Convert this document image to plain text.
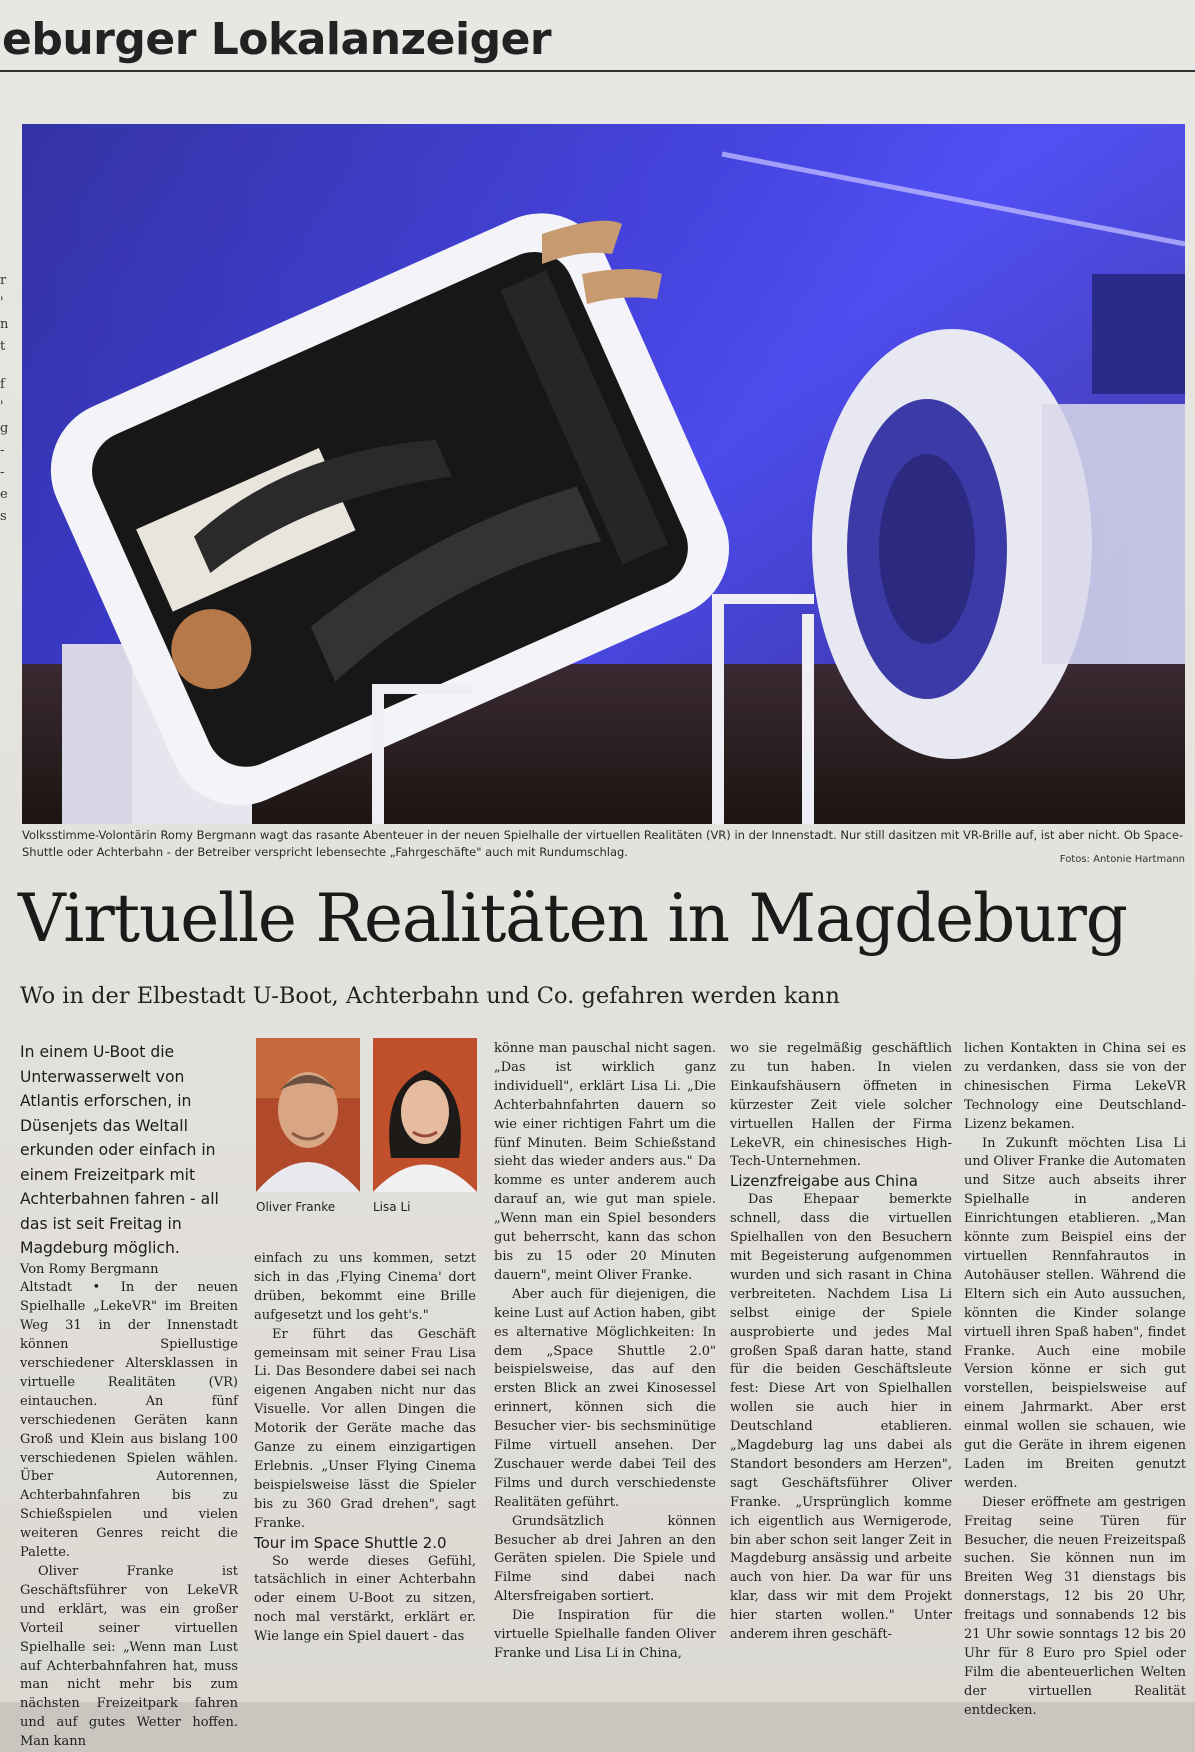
eburger Lokalanzeiger
r
'
n
t
f
'
g
-
-
e
s
Volksstimme-Volontärin Romy Bergmann wagt das rasante Abenteuer in der neuen Spielhalle der virtuellen Realitäten (VR) in der Innenstadt. Nur still dasitzen mit VR-Brille auf, ist aber nicht. Ob Space-Shuttle oder Achterbahn - der Betreiber verspricht lebensechte „Fahrgeschäfte" auch mit Rundumschlag.
Fotos: Antonie Hartmann
Virtuelle Realitäten in Magdeburg
Wo in der Elbestadt U-Boot, Achterbahn und Co. gefahren werden kann
Oliver Franke	Lisa Li

In einem U-Boot die Unterwasserwelt von Atlantis erforschen, in Düsenjets das Weltall erkunden oder einfach in einem Freizeitpark mit Achterbahnen fahren - all das ist seit Freitag in Magdeburg möglich.

Von Romy Bergmann

Altstadt • In der neuen Spielhalle „LekeVR" im Breiten Weg 31 in der Innenstadt können Spiellustige verschiedener Altersklassen in virtuelle Realitäten (VR) eintauchen. An fünf verschiedenen Geräten kann Groß und Klein aus bislang 100 verschiedenen Spielen wählen. Über Autorennen, Achterbahnfahren bis zu Schießspielen und vielen weiteren Genres reicht die Palette.

Oliver Franke ist Geschäftsführer von LekeVR und erklärt, was ein großer Vorteil seiner virtuellen Spielhalle sei: „Wenn man Lust auf Achterbahnfahren hat, muss man nicht mehr bis zum nächsten Freizeitpark fahren und auf gutes Wetter hoffen. Man kann

einfach zu uns kommen, setzt sich in das ‚Flying Cinema' dort drüben, bekommt eine Brille aufgesetzt und los geht's."

Er führt das Geschäft gemeinsam mit seiner Frau Lisa Li. Das Besondere dabei sei nach eigenen Angaben nicht nur das Visuelle. Vor allen Dingen die Motorik der Geräte mache das Ganze zu einem einzigartigen Erlebnis. „Unser Flying Cinema beispielsweise lässt die Spieler bis zu 360 Grad drehen", sagt Franke.

Tour im Space Shuttle 2.0

So werde dieses Gefühl, tatsächlich in einer Achterbahn oder einem U-Boot zu sitzen, noch mal verstärkt, erklärt er. Wie lange ein Spiel dauert - das

könne man pauschal nicht sagen. „Das ist wirklich ganz individuell", erklärt Lisa Li. „Die Achterbahnfahrten dauern so wie einer richtigen Fahrt um die fünf Minuten. Beim Schießstand sieht das wieder anders aus." Da komme es unter anderem auch darauf an, wie gut man spiele. „Wenn man ein Spiel besonders gut beherrscht, kann das schon bis zu 15 oder 20 Minuten dauern", meint Oliver Franke.

Aber auch für diejenigen, die keine Lust auf Action haben, gibt es alternative Möglichkeiten: In dem „Space Shuttle 2.0" beispielsweise, das auf den ersten Blick an zwei Kinosessel erinnert, können sich die Besucher vier- bis sechsminütige Filme virtuell ansehen. Der Zuschauer werde dabei Teil des Films und durch verschiedenste Realitäten geführt.

Grundsätzlich können Besucher ab drei Jahren an den Geräten spielen. Die Spiele und Filme sind dabei nach Altersfreigaben sortiert.

Die Inspiration für die virtuelle Spielhalle fanden Oliver Franke und Lisa Li in China,

wo sie regelmäßig geschäftlich zu tun haben. In vielen Einkaufshäusern öffneten in kürzester Zeit viele solcher virtuellen Hallen der Firma LekeVR, ein chinesisches High-Tech-Unternehmen.

Lizenzfreigabe aus China

Das Ehepaar bemerkte schnell, dass die virtuellen Spielhallen von den Besuchern mit Begeisterung aufgenommen wurden und sich rasant in China verbreiteten. Nachdem Lisa Li selbst einige der Spiele ausprobierte und jedes Mal großen Spaß daran hatte, stand für die beiden Geschäftsleute fest: Diese Art von Spielhallen wollen sie auch hier in Deutschland etablieren. „Magdeburg lag uns dabei als Standort besonders am Herzen", sagt Geschäftsführer Oliver Franke. „Ursprünglich komme ich eigentlich aus Wernigerode, bin aber schon seit langer Zeit in Magdeburg ansässig und arbeite auch von hier. Da war für uns klar, dass wir mit dem Projekt hier starten wollen." Unter anderem ihren geschäft-

lichen Kontakten in China sei es zu verdanken, dass sie von der chinesischen Firma LekeVR Technology eine Deutschland-Lizenz bekamen.

In Zukunft möchten Lisa Li und Oliver Franke die Automaten und Sitze auch abseits ihrer Spielhalle in anderen Einrichtungen etablieren. „Man könnte zum Beispiel eins der virtuellen Rennfahrautos in Autohäuser stellen. Während die Eltern sich ein Auto aussuchen, könnten die Kinder solange virtuell ihren Spaß haben", findet Franke. Auch eine mobile Version könne er sich gut vorstellen, beispielsweise auf einem Jahrmarkt. Aber erst einmal wollen sie schauen, wie gut die Geräte in ihrem eigenen Laden im Breiten genutzt werden.

Dieser eröffnete am gestrigen Freitag seine Türen für Besucher, die neuen Freizeitspaß suchen. Sie können nun im Breiten Weg 31 dienstags bis donnerstags, 12 bis 20 Uhr, freitags und sonnabends 12 bis 21 Uhr sowie sonntags 12 bis 20 Uhr für 8 Euro pro Spiel oder Film die abenteuerlichen Welten der virtuellen Realität entdecken.
